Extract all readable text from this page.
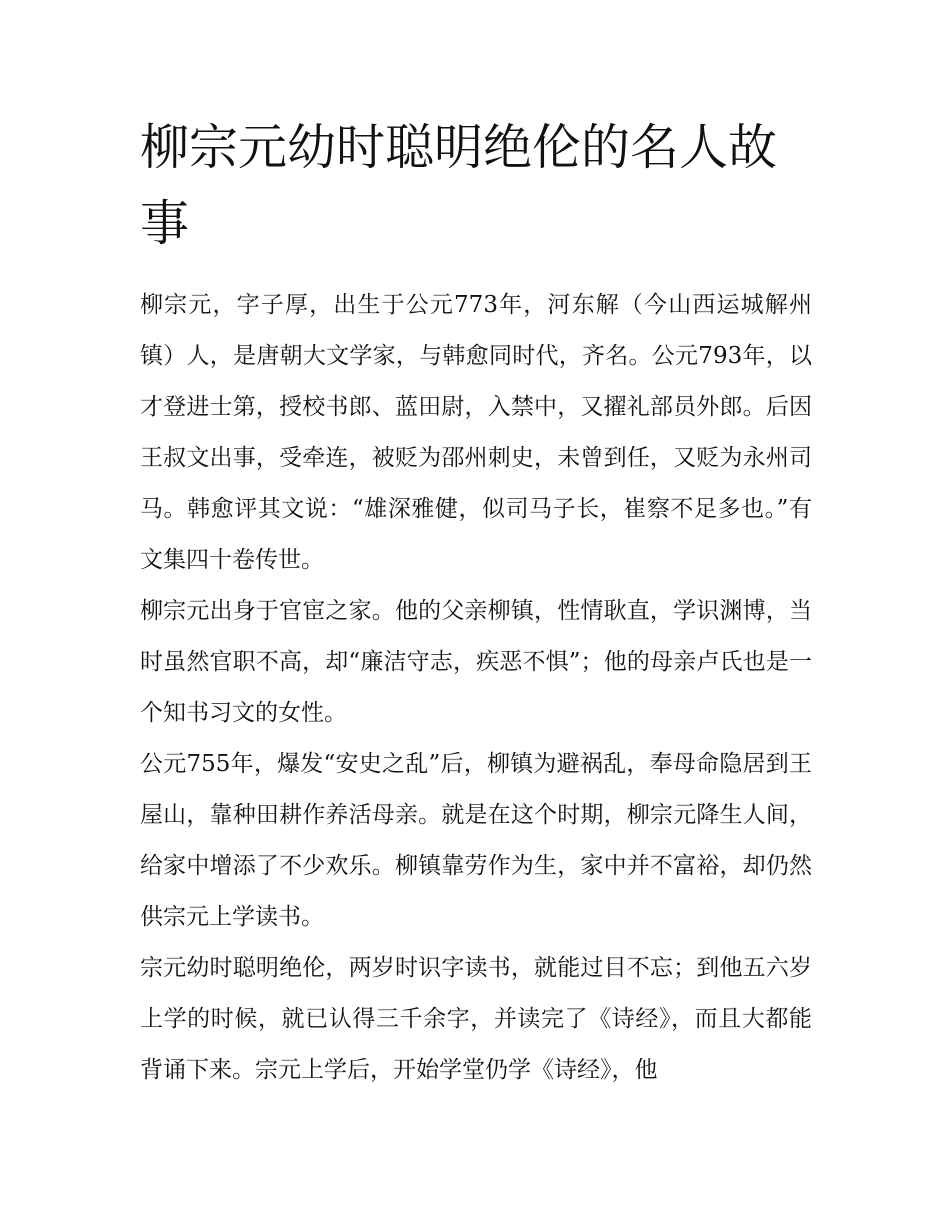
柳宗元幼时聪明绝伦的名人故事

柳宗元，字子厚，出生于公元773年，河东解（今山西运城解州镇）人，是唐朝大文学家，与韩愈同时代，齐名。公元793年，以才登进士第，授校书郎、蓝田尉，入禁中，又擢礼部员外郎。后因王叔文出事，受牵连，被贬为邵州刺史，未曾到任，又贬为永州司马。韩愈评其文说：“雄深雅健，似司马子长，崔察不足多也。”有文集四十卷传世。

柳宗元出身于官宦之家。他的父亲柳镇，性情耿直，学识渊博，当时虽然官职不高，却“廉洁守志，疾恶不惧”；他的母亲卢氏也是一个知书习文的女性。

公元755年，爆发“安史之乱”后，柳镇为避祸乱，奉母命隐居到王屋山，靠种田耕作养活母亲。就是在这个时期，柳宗元降生人间，给家中增添了不少欢乐。柳镇靠劳作为生，家中并不富裕，却仍然供宗元上学读书。

宗元幼时聪明绝伦，两岁时识字读书，就能过目不忘；到他五六岁上学的时候，就已认得三千余字，并读完了《诗经》，而且大都能背诵下来。宗元上学后，开始学堂仍学《诗经》，他
